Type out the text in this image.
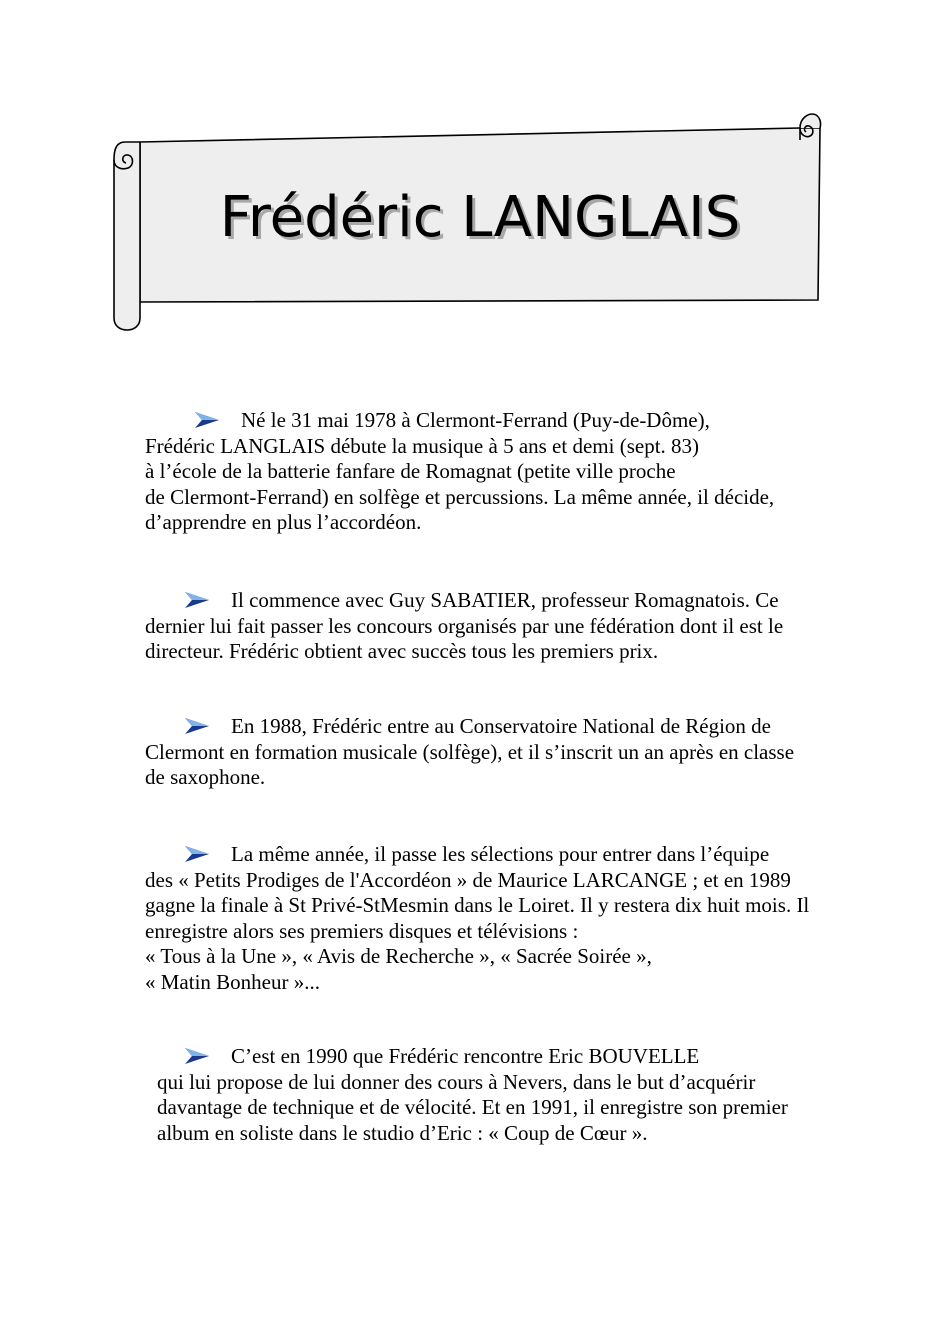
Frédéric LANGLAIS
Né le 31 mai 1978 à Clermont-Ferrand (Puy-de-Dôme),
Frédéric LANGLAIS débute la musique à 5 ans et demi (sept. 83)
à l’école de la batterie fanfare de Romagnat (petite ville proche
de Clermont-Ferrand) en solfège et percussions. La même année, il décide,
d’apprendre en plus l’accordéon.
Il commence avec Guy SABATIER, professeur Romagnatois. Ce
dernier lui fait passer les concours organisés par une fédération dont il est le
directeur. Frédéric obtient avec succès tous les premiers prix.
En 1988, Frédéric entre au Conservatoire National de Région de
Clermont en formation musicale (solfège), et il s’inscrit un an après en classe
de saxophone.
La même année, il passe les sélections pour entrer dans l’équipe
des « Petits Prodiges de l'Accordéon » de Maurice LARCANGE ; et en 1989
gagne la finale à St Privé-StMesmin dans le Loiret. Il y restera dix huit mois. Il
enregistre alors ses premiers disques et télévisions :
« Tous à la Une », « Avis de Recherche », « Sacrée Soirée »,
« Matin Bonheur »...
C’est en 1990 que Frédéric rencontre Eric BOUVELLE
qui lui propose de lui donner des cours à Nevers, dans le but d’acquérir
davantage de technique et de vélocité. Et en 1991, il enregistre son premier
album en soliste dans le studio d’Eric : « Coup de Cœur ».
